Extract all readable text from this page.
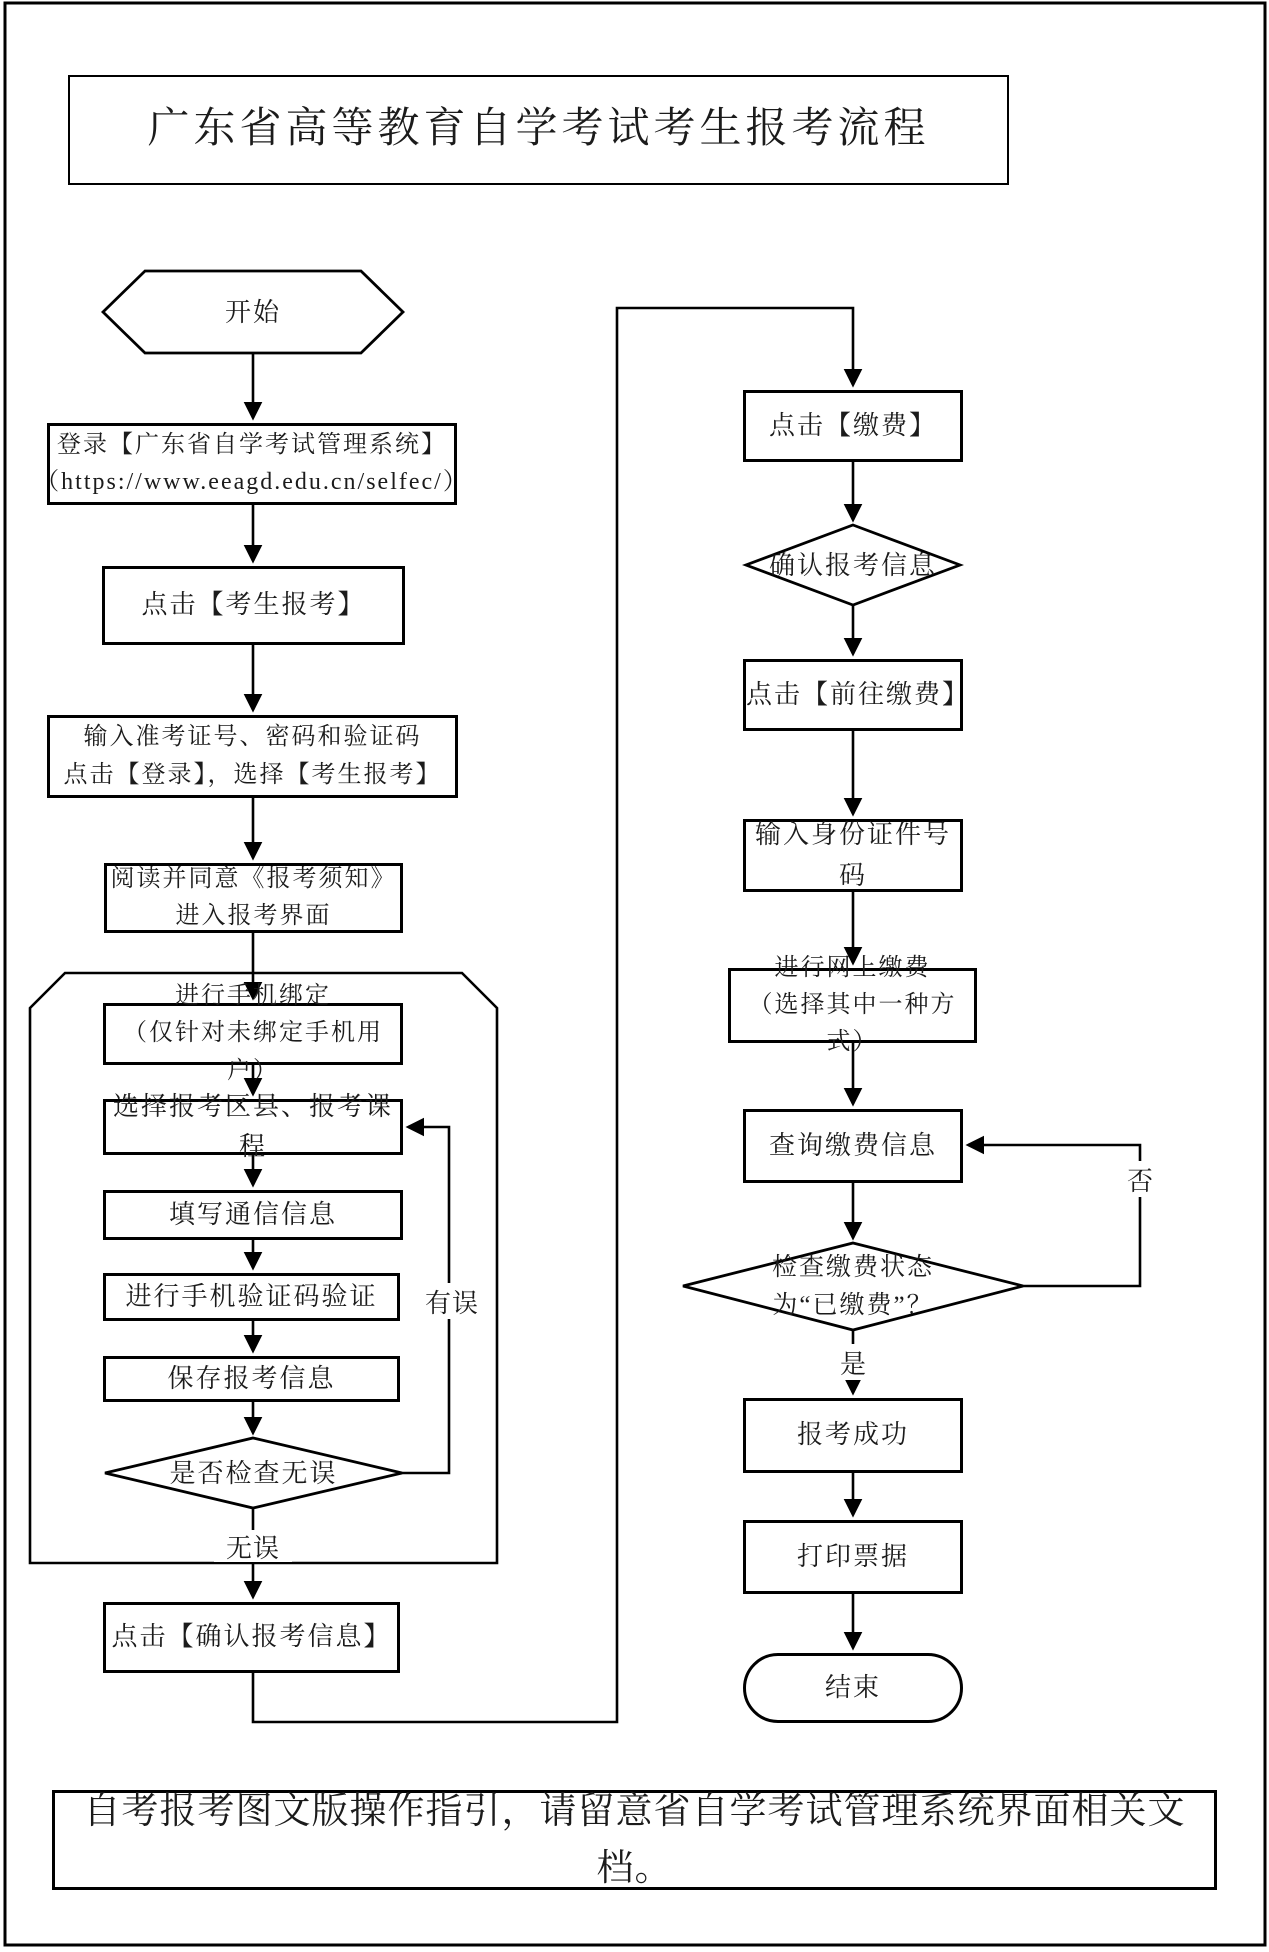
广东省高等教育自学考试考生报考流程
开始
登录【广东省自学考试管理系统】
（https://www.eeagd.edu.cn/selfec/）
点击【考生报考】
输入准考证号、密码和验证码
点击【登录】，选择【考生报考】
阅读并同意《报考须知》
进入报考界面
进行手机绑定
（仅针对未绑定手机用户）
选择报考区县、报考课程
填写通信信息
进行手机验证码验证
保存报考信息
是否检查无误
点击【确认报考信息】
点击【缴费】
确认报考信息
点击【前往缴费】
输入身份证件号码
进行网上缴费
（选择其中一种方式）
查询缴费信息
检查缴费状态
为“已缴费”？
报考成功
打印票据
结束
有误
无误
否
是
自考报考图文版操作指引，请留意省自学考试管理系统界面相关文档。
